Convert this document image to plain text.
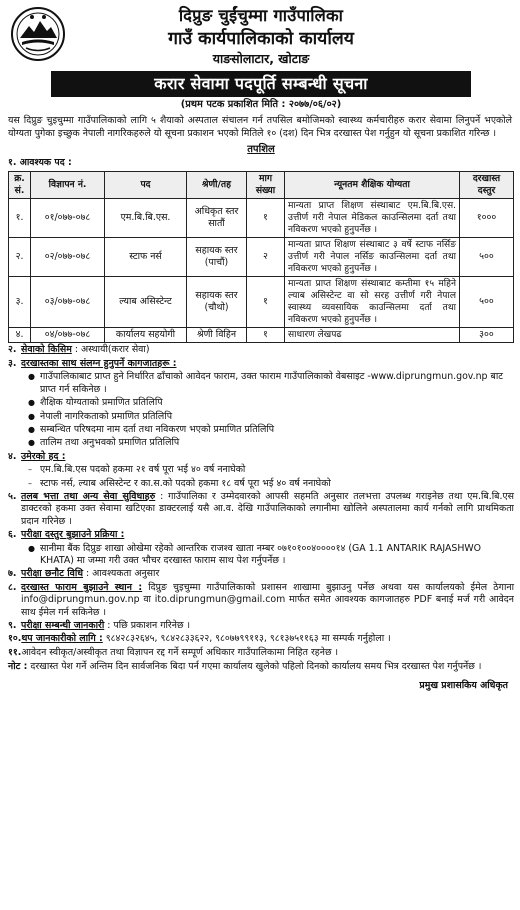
दिप्रुङ चुईंचुम्मा गाउँपालिका
गाउँ कार्यपालिकाको कार्यालय
याङसोलाटार, खोटाङ
करार सेवामा पदपूर्ति सम्बन्धी सूचना
(प्रथम पटक प्रकाशित मिति : २०७७/०६/०२)
यस दिप्रुङ चुइचुम्मा गाउँपालिकाको लागि ५ शैयाको अस्पताल संचालन गर्न तपसिल बमोजिमको स्वास्थ्य कर्मचारीहरु करार सेवामा लिनुपर्ने भएकोले योग्यता पुगेका इच्छुक नेपाली नागरिकहरुले यो सूचना प्रकाशन भएको मितिले १० (दश) दिन भित्र दरखास्त पेश गर्नुहुन यो सूचना प्रकाशित गरिन्छ ।
तपशिल
१. आवश्यक पद :
क्र. सं.	विज्ञापन नं.	पद	श्रेणी/तह	माग संख्या	न्यूनतम शैक्षिक योग्यता	दरखास्त दस्तुर
१.	०१/०७७-०७८	एम.बि.बि.एस.	अधिकृत स्तर सातौं	१	मान्यता प्राप्त शिक्षण संस्थाबाट एम.बि.बि.एस. उत्तीर्ण गरी नेपाल मेडिकल काउन्सिलमा दर्ता तथा नविकरण भएको हुनुपर्नेछ ।	१०००
२.	०२/०७७-०७८	स्टाफ नर्स	सहायक स्तर (पाचौं)	२	मान्यता प्राप्त शिक्षण संस्थाबाट ३ वर्षे स्टाफ नर्सिङ उत्तीर्ण गरी नेपाल नर्सिङ काउन्सिलमा दर्ता तथा नविकरण भएको हुनुपर्नेछ ।	५००
३.	०३/०७७-०७८	ल्याब असिस्टेन्ट	सहायक स्तर (चौथो)	१	मान्यता प्राप्त शिक्षण संस्थाबाट कम्तीमा १५ महिने ल्याब असिस्टेन्ट वा सो सरह उत्तीर्ण गरी नेपाल स्वास्थ्य व्यवसायिक काउन्सिलमा दर्ता तथा नविकरण भएको हुनुपर्नेछ ।	५००
४.	०४/०७७-०७८	कार्यालय सहयोगी	श्रेणी विहिन	१	साधारण लेखपढ	३००
२. सेवाको किसिम : अस्थायी(करार सेवा)
३. दरखास्तका साथ संलग्न हुनुपर्ने कागजातहरू :
● गाउँपालिकाबाट प्राप्त हुने निर्धारित ढाँचाको आवेदन फाराम, उक्त फाराम गाउँपालिकाको वेबसाइट -www.diprungmun.gov.np बाट प्राप्त गर्न सकिनेछ ।
● शैक्षिक योग्यताको प्रमाणित प्रतिलिपि
● नेपाली नागरिकताको प्रमाणित प्रतिलिपि
● सम्बन्धित परिषदमा नाम दर्ता तथा नविकरण भएको प्रमाणित प्रतिलिपि
● तालिम तथा अनुभवको प्रमाणित प्रतिलिपि
४. उमेरको हद :
– एम.बि.बि.एस पदको हकमा २१ वर्ष पूरा भई ४० वर्ष ननाघेको
– स्टाफ नर्स, ल्याब असिस्टेन्ट र का.स.को पदको हकमा १८ वर्ष पूरा भई ४० वर्ष ननाघेको
५. तलब भत्ता तथा अन्य सेवा सुविधाहरु : गाउँपालिका र उम्मेदवारको आपसी सहमति अनुसार तलभत्ता उपलब्ध गराइनेछ तथा एम.बि.बि.एस डाक्टरको हकमा उक्त सेवामा खटिएका डाक्टरलाई यसै आ.व. देखि गाउँपालिकाको लगानीमा खोलिने अस्पतालमा कार्य गर्नको लागि प्राथमिकता प्रदान गरिनेछ ।
६. परीक्षा दस्तुर बुझाउने प्रक्रिया :
● सानीमा बैंक दिप्रुङ शाखा ओखेमा रहेको आन्तरिक राजश्व खाता नम्बर ०७१०१००४००००१४ (GA 1.1 ANTARIK RAJASHWO KHATA) मा जम्मा गरी उक्त भौचर दरखास्त फाराम साथ पेश गर्नुपर्नेछ ।
७. परीक्षा छनौट विधि : आवश्यकता अनुसार
८. दरखास्त फाराम बुझाउने स्थान : दिप्रुङ चुइचुम्मा गाउँपालिकाको प्रशासन शाखामा बुझाउनु पर्नेछ अथवा यस कार्यालयको ईमेल ठेगाना info@diprungmun.gov.np वा ito.diprungmun@gmail.com मार्फत समेत आवश्यक कागजातहरु PDF बनाई मर्ज गरी आवेदन साथ ईमेल गर्न सकिनेछ ।
९. परीक्षा सम्बन्धी जानकारी : पछि प्रकाशन गरिनेछ ।
१०. थप जानकारीको लागि : ९८४२८३२६४५, ९८४२८३३६२२, ९८०७७९९११३, ९८१३७५११६३ मा सम्पर्क गर्नुहोला ।
११. आवेदन स्वीकृत/अस्वीकृत तथा विज्ञापन रद्द गर्ने सम्पूर्ण अधिकार गाउँपालिकामा निहित रहनेछ ।
नोट : दरखास्त पेश गर्ने अन्तिम दिन सार्वजनिक बिदा पर्न गएमा कार्यालय खुलेको पहिलो दिनको कार्यालय समय भित्र दरखास्त पेश गर्नुपर्नेछ ।
प्रमुख प्रशासकिय अधिकृत
